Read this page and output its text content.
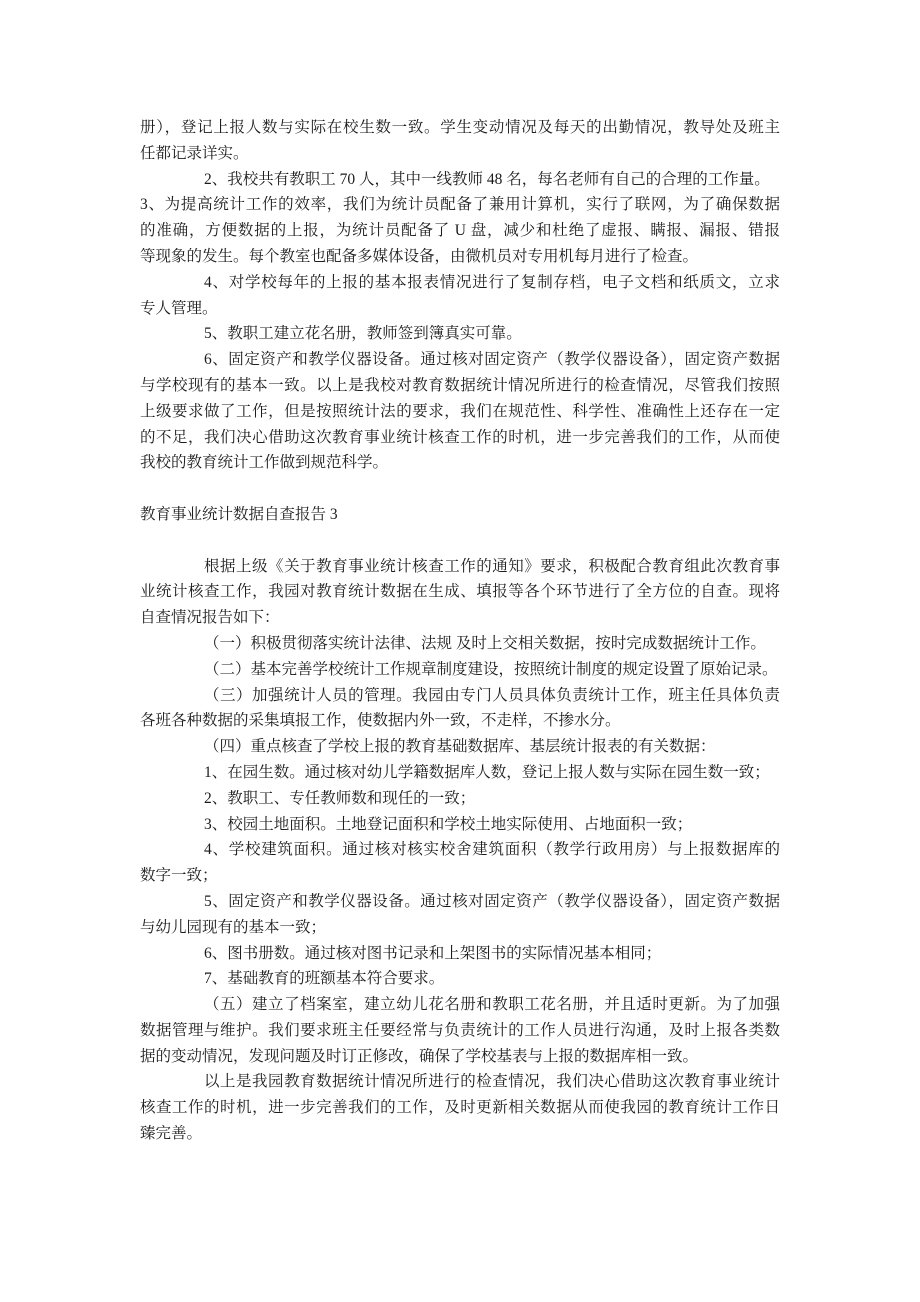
册），登记上报人数与实际在校生数一致。学生变动情况及每天的出勤情况，教导处及班主
任都记录详实。
2、我校共有教职工 70 人，其中一线教师 48 名，每名老师有自己的合理的工作量。
3、为提高统计工作的效率，我们为统计员配备了兼用计算机，实行了联网，为了确保数据
的准确，方便数据的上报，为统计员配备了 U 盘，减少和杜绝了虚报、瞒报、漏报、错报
等现象的发生。每个教室也配备多媒体设备，由微机员对专用机每月进行了检查。
4、对学校每年的上报的基本报表情况进行了复制存档，电子文档和纸质文，立求
专人管理。
5、教职工建立花名册，教师签到簿真实可靠。
6、固定资产和教学仪器设备。通过核对固定资产（教学仪器设备），固定资产数据
与学校现有的基本一致。以上是我校对教育数据统计情况所进行的检查情况，尽管我们按照
上级要求做了工作，但是按照统计法的要求，我们在规范性、科学性、准确性上还存在一定
的不足，我们决心借助这次教育事业统计核查工作的时机，进一步完善我们的工作，从而使
我校的教育统计工作做到规范科学。
教育事业统计数据自查报告 3
根据上级《关于教育事业统计核查工作的通知》要求，积极配合教育组此次教育事
业统计核查工作，我园对教育统计数据在生成、填报等各个环节进行了全方位的自查。现将
自查情况报告如下：
（一）积极贯彻落实统计法律、法规 及时上交相关数据，按时完成数据统计工作。
（二）基本完善学校统计工作规章制度建设，按照统计制度的规定设置了原始记录。
（三）加强统计人员的管理。我园由专门人员具体负责统计工作，班主任具体负责
各班各种数据的采集填报工作，使数据内外一致，不走样，不掺水分。
（四）重点核查了学校上报的教育基础数据库、基层统计报表的有关数据：
1、在园生数。通过核对幼儿学籍数据库人数，登记上报人数与实际在园生数一致；
2、教职工、专任教师数和现任的一致；
3、校园土地面积。土地登记面积和学校土地实际使用、占地面积一致；
4、学校建筑面积。通过核对核实校舍建筑面积（教学行政用房）与上报数据库的
数字一致；
5、固定资产和教学仪器设备。通过核对固定资产（教学仪器设备），固定资产数据
与幼儿园现有的基本一致；
6、图书册数。通过核对图书记录和上架图书的实际情况基本相同；
7、基础教育的班额基本符合要求。
（五）建立了档案室，建立幼儿花名册和教职工花名册，并且适时更新。为了加强
数据管理与维护。我们要求班主任要经常与负责统计的工作人员进行沟通，及时上报各类数
据的变动情况，发现问题及时订正修改，确保了学校基表与上报的数据库相一致。
以上是我园教育数据统计情况所进行的检查情况，我们决心借助这次教育事业统计
核查工作的时机，进一步完善我们的工作，及时更新相关数据从而使我园的教育统计工作日
臻完善。
